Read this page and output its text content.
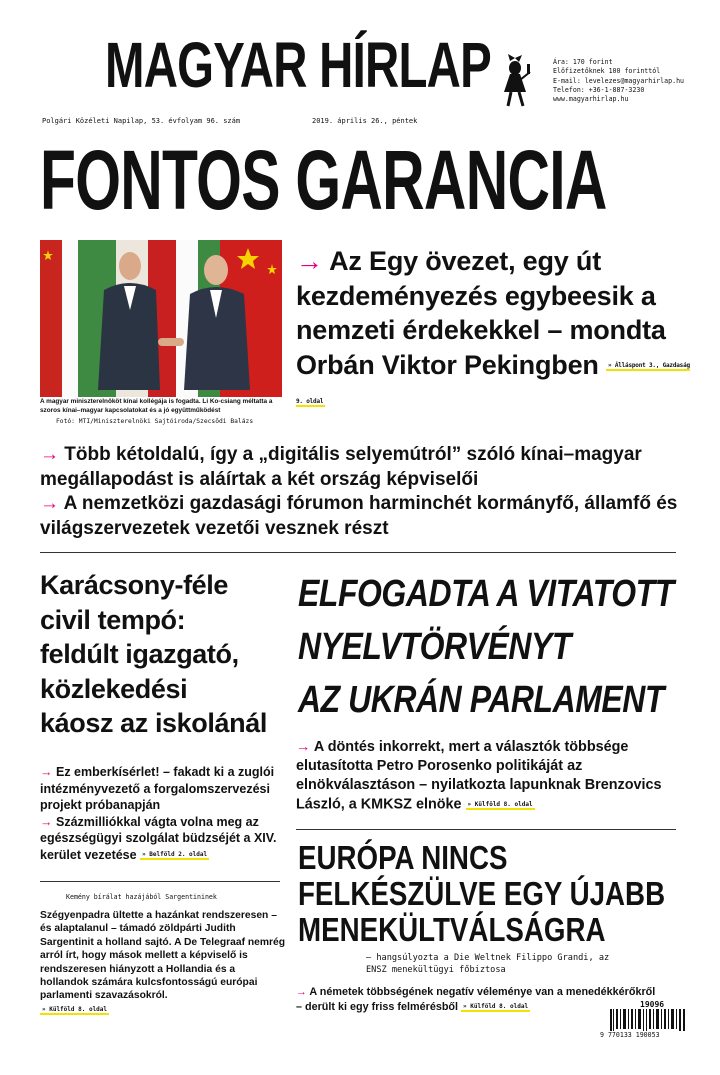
MAGYAR HÍRLAP	Ára: 170 forint
Előfizetőknek 100 forinttól
E-mail: levelezes@magyarhirlap.hu
Telefon: +36-1-887-3230
www.magyarhirlap.hu
Polgári Közéleti Napilap, 53. évfolyam 96. szám	2019. április 26., péntek
FONTOS GARANCIA
A magyar miniszterelnököt kínai kollégája is fogadta. Li Ko-csiang méltatta a szoros kínai–magyar kapcsolatokat és a jó együttműködést
Fotó: MTI/Miniszterelnöki Sajtóiroda/Szecsődi Balázs
→ Az Egy övezet, egy út kezdeményezés egybeesik a nemzeti érdekekkel – mondta Orbán Viktor Pekingben » Álláspont 3., Gazdaság 9. oldal
→ Több kétoldalú, így a „digitális selyemútról” szóló kínai–magyar megállapodást is aláírtak a két ország képviselői
→ A nemzetközi gazdasági fórumon harminchét kormányfő, államfő és világszervezetek vezetői vesznek részt
Karácsony-féle
civil tempó:
feldúlt igazgató,
közlekedési
káosz az iskolánál
→ Ez emberkísérlet! – fakadt ki a zuglói intézményvezető a forgalomszervezési projekt próbanapján
→ Százmilliókkal vágta volna meg az egészségügyi szolgálat büdzséjét a XIV. kerület vezetése » Belföld 2. oldal
Kemény bírálat hazájából Sargentininek
Szégyenpadra ültette a hazánkat rendszeresen – és alaptalanul – támadó zöldpárti Judith Sargentinit a holland sajtó. A De Telegraaf nemrég arról írt, hogy mások mellett a képviselő is rendszeresen hiányzott a Hollandia és a hollandok számára kulcsfontosságú európai parlamenti szavazásokról.
» Külföld 8. oldal
ELFOGADTA A VITATOTT
NYELVTÖRVÉNYT
AZ UKRÁN PARLAMENT
→ A döntés inkorrekt, mert a választók többsége elutasította Petro Porosenko politikáját az elnökválasztáson – nyilatkozta lapunknak Brenzovics László, a KMKSZ elnöke » Külföld 8. oldal
EURÓPA NINCS
FELKÉSZÜLVE EGY ÚJABB
MENEKÜLTVÁLSÁGRA
– hangsúlyozta a Die Weltnek Filippo Grandi, az ENSZ menekültügyi főbiztosa
→ A németek többségének negatív véleménye van a menedékkérőkről – derült ki egy friss felmérésből » Külföld 8. oldal	19096
9 770133 190053
